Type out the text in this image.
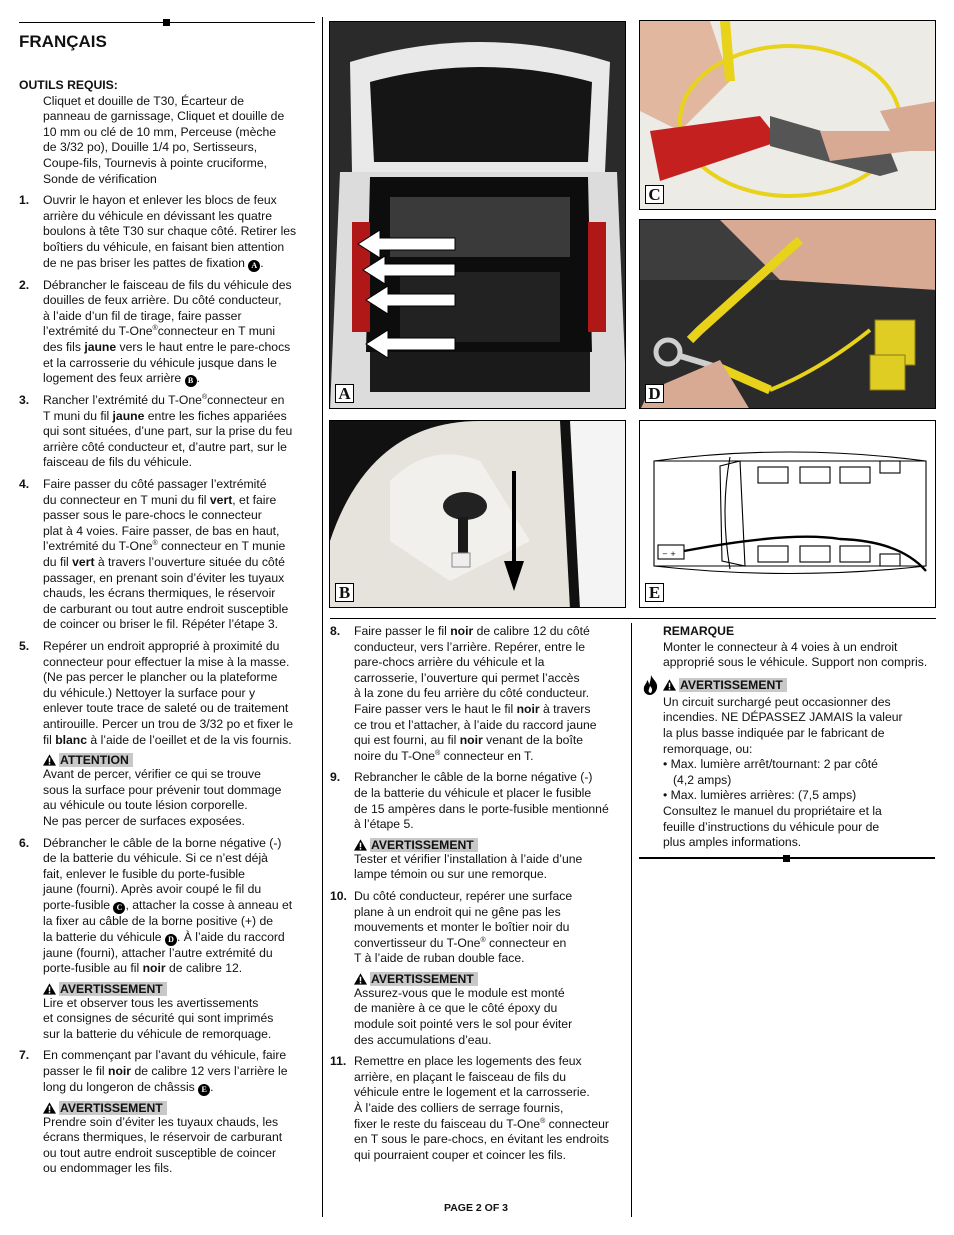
FRANÇAIS
OUTILS REQUIS:
Cliquet et douille de T30, Écarteur de
panneau de garnissage, Cliquet et douille de
10 mm ou clé de 10 mm, Perceuse (mèche
de 3/32 po), Douille 1/4 po, Sertisseurs,
Coupe-fils, Tournevis à pointe cruciforme,
Sonde de vérification
1. Ouvrir le hayon et enlever les blocs de feux
arrière du véhicule en dévissant les quatre
boulons à tête T30 sur chaque côté. Retirer les
boîtiers du véhicule, en faisant bien attention
de ne pas briser les pattes de fixation A .
2. Débrancher le faisceau de fils du véhicule des
douilles de feux arrière. Du côté conducteur,
à l’aide d’un fil de tirage, faire passer
l’extrémité du T-One®connecteur en T muni
des fils jaune vers le haut entre le pare-chocs
et la carrosserie du véhicule jusque dans le
logement des feux arrière B .
3. Rancher l’extrémité du T-One®connecteur en
T muni du fil jaune entre les fiches appariées
qui sont situées, d’une part, sur la prise du feu
arrière côté conducteur et, d’autre part, sur le
faisceau de fils du véhicule.
4. Faire passer du côté passager l’extrémité
du connecteur en T muni du fil vert, et faire
passer sous le pare-chocs le connecteur
plat à 4 voies. Faire passer, de bas en haut,
l’extrémité du T-One® connecteur en T munie
du fil vert à travers l’ouverture située du côté
passager, en prenant soin d’éviter les tuyaux
chauds, les écrans thermiques, le réservoir
de carburant ou tout autre endroit susceptible
de coincer ou briser le fil. Répéter l’étape 3.
5. Repérer un endroit approprié à proximité du
connecteur pour effectuer la mise à la masse.
(Ne pas percer le plancher ou la plateforme
du véhicule.) Nettoyer la surface pour y
enlever toute trace de saleté ou de traitement
antirouille. Percer un trou de 3/32 po et fixer le
fil blanc à l’aide de l’oeillet et de la vis fournis.
ATTENTION
Avant de percer, vérifier ce qui se trouve
sous la surface pour prévenir tout dommage
au véhicule ou toute lésion corporelle.
Ne pas percer de surfaces exposées.
6. Débrancher le câble de la borne négative (-)
de la batterie du véhicule. Si ce n’est déjà
fait, enlever le fusible du porte-fusible
jaune (fourni). Après avoir coupé le fil du
porte-fusible C , attacher la cosse à anneau et
la fixer au câble de la borne positive (+) de
la batterie du véhicule D . À l’aide du raccord
jaune (fourni), attacher l’autre extrémité du
porte-fusible au fil noir de calibre 12.
AVERTISSEMENT
Lire et observer tous les avertissements
et consignes de sécurité qui sont imprimés
sur la batterie du véhicule de remorquage.
7. En commençant par l’avant du véhicule, faire
passer le fil noir de calibre 12 vers l’arrière le
long du longeron de châssis E .
AVERTISSEMENT
Prendre soin d’éviter les tuyaux chauds, les
écrans thermiques, le réservoir de carburant
ou tout autre endroit susceptible de coincer
ou endommager les fils.
A
B
C
D
− +
E
8. Faire passer le fil noir de calibre 12 du côté
conducteur, vers l’arrière. Repérer, entre le
pare-chocs arrière du véhicule et la
carrosserie, l’ouverture qui permet l’accès
à la zone du feu arrière du côté conducteur.
Faire passer vers le haut le fil noir à travers
ce trou et l’attacher, à l’aide du raccord jaune
qui est fourni, au fil noir venant de la boîte
noire du T-One® connecteur en T.
9. Rebrancher le câble de la borne négative (-)
de la batterie du véhicule et placer le fusible
de 15 ampères dans le porte-fusible mentionné
à l’étape 5.
AVERTISSEMENT
Tester et vérifier l’installation à l’aide d’une
lampe témoin ou sur une remorque.
10. Du côté conducteur, repérer une surface
plane à un endroit qui ne gêne pas les
mouvements et monter le boîtier noir du
convertisseur du T-One® connecteur en
T à l’aide de ruban double face.
AVERTISSEMENT
Assurez-vous que le module est monté
de manière à ce que le côté époxy du
module soit pointé vers le sol pour éviter
des accumulations d’eau.
11. Remettre en place les logements des feux
arrière, en plaçant le faisceau de fils du
véhicule entre le logement et la carrosserie.
À l’aide des colliers de serrage fournis,
fixer le reste du faisceau du T-One® connecteur
en T sous le pare-chocs, en évitant les endroits
qui pourraient couper et coincer les fils.
REMARQUE
Monter le connecteur à 4 voies à un endroit
approprié sous le véhicule. Support non compris.
AVERTISSEMENT
Un circuit surchargé peut occasionner des
incendies. NE DÉPASSEZ JAMAIS la valeur
la plus basse indiquée par le fabricant de
remorquage, ou:
• Max. lumière arrêt/tournant: 2 par côté
(4,2 amps)
• Max. lumières arrières: (7,5 amps)
Consultez le manuel du propriétaire et la
feuille d’instructions du véhicule pour de
plus amples informations.
PAGE 2 OF 3
